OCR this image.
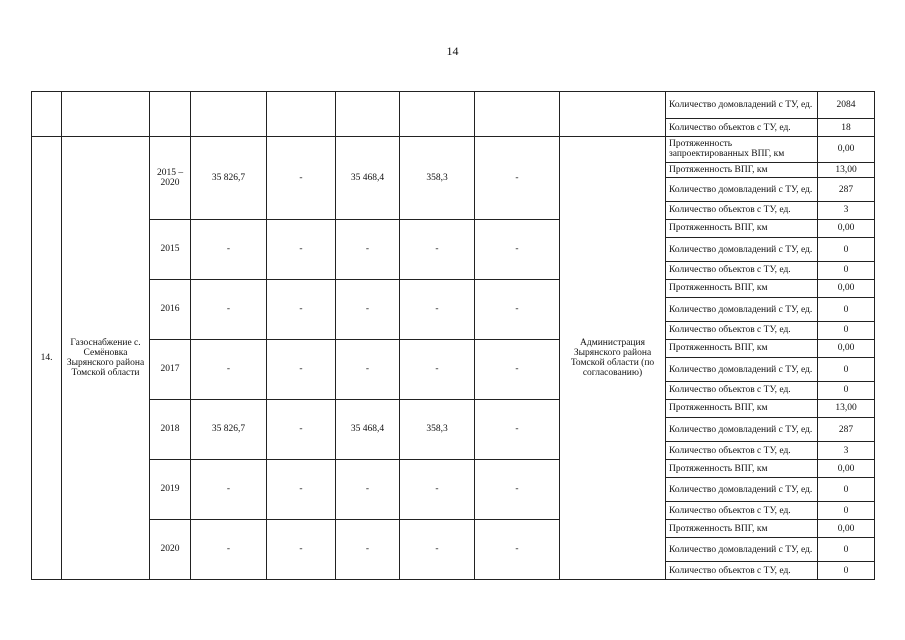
14
									Количество домовладений с ТУ, ед.	2084
									Количество объектов с ТУ, ед.	18
14.	Газоснабжение с. Семёновка Зырянского района Томской области	2015 – 2020	35 826,7	-	35 468,4	358,3	-	Администрация Зырянского района Томской области (по согласованию)	Протяженность запроектированных ВПГ, км	0,00
									Протяженность ВПГ, км	13,00
									Количество домовладений с ТУ, ед.	287
									Количество объектов с ТУ, ед.	3
		2015	-	-	-	-	-		Протяженность ВПГ, км	0,00
									Количество домовладений с ТУ, ед.	0
									Количество объектов с ТУ, ед.	0
		2016	-	-	-	-	-		Протяженность ВПГ, км	0,00
									Количество домовладений с ТУ, ед.	0
									Количество объектов с ТУ, ед.	0
		2017	-	-	-	-	-		Протяженность ВПГ, км	0,00
									Количество домовладений с ТУ, ед.	0
									Количество объектов с ТУ, ед.	0
		2018	35 826,7	-	35 468,4	358,3	-		Протяженность ВПГ, км	13,00
									Количество домовладений с ТУ, ед.	287
									Количество объектов с ТУ, ед.	3
		2019	-	-	-	-	-		Протяженность ВПГ, км	0,00
									Количество домовладений с ТУ, ед.	0
									Количество объектов с ТУ, ед.	0
		2020	-	-	-	-	-		Протяженность ВПГ, км	0,00
									Количество домовладений с ТУ, ед.	0
									Количество объектов с ТУ, ед.	0
